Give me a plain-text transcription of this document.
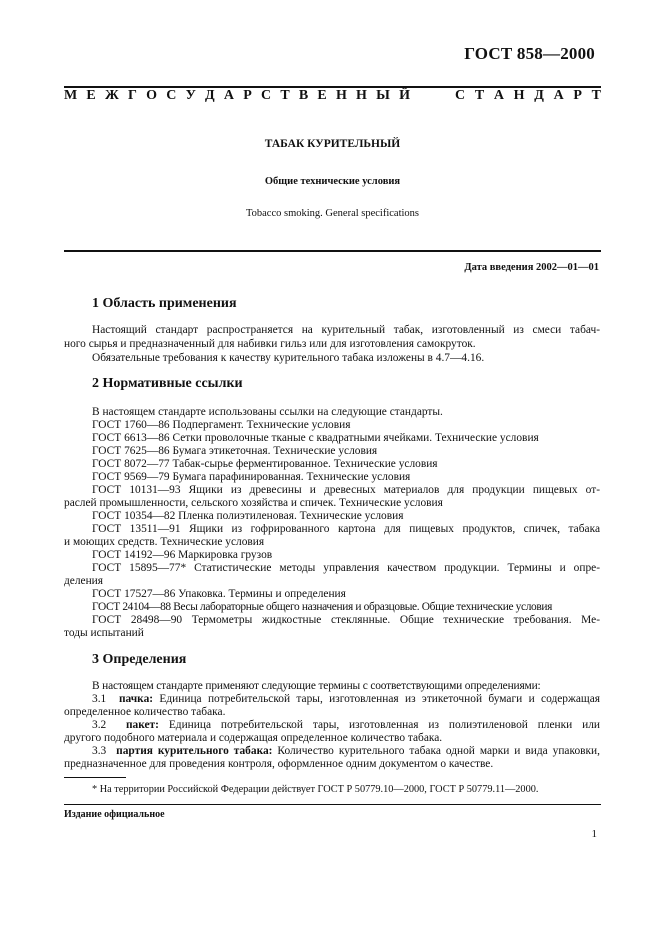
ГОСТ 858—2000
М Е Ж Г О С У Д А Р С Т В Е Н Н Ы Й	С Т А Н Д А Р Т
ТАБАК КУРИТЕЛЬНЫЙ
Общие технические условия
Tobacco smoking. General specifications
Дата введения 2002—01—01
1 Область применения
Настоящий стандарт распространяется на курительный табак, изготовленный из смеси табач-
ного сырья и предназначенный для набивки гильз или для изготовления самокруток.
Обязательные требования к качеству курительного табака изложены в 4.7—4.16.
2 Нормативные ссылки
В настоящем стандарте использованы ссылки на следующие стандарты.
ГОСТ 1760—86 Подпергамент. Технические условия
ГОСТ 6613—86 Сетки проволочные тканые с квадратными ячейками. Технические условия
ГОСТ 7625—86 Бумага этикеточная. Технические условия
ГОСТ 8072—77 Табак-сырье ферментированное. Технические условия
ГОСТ 9569—79 Бумага парафинированная. Технические условия
ГОСТ 10131—93 Ящики из древесины и древесных материалов для продукции пищевых от-
раслей промышленности, сельского хозяйства и спичек. Технические условия
ГОСТ 10354—82 Пленка полиэтиленовая. Технические условия
ГОСТ 13511—91 Ящики из гофрированного картона для пищевых продуктов, спичек, табака
и моющих средств. Технические условия
ГОСТ 14192—96 Маркировка грузов
ГОСТ 15895—77* Статистические методы управления качеством продукции. Термины и опре-
деления
ГОСТ 17527—86 Упаковка. Термины и определения
ГОСТ 24104—88 Весы лабораторные общего назначения и образцовые. Общие технические условия
ГОСТ 28498—90 Термометры жидкостные стеклянные. Общие технические требования. Ме-
тоды испытаний
3 Определения
В настоящем стандарте применяют следующие термины с соответствующими определениями:
3.1 пачка: Единица потребительской тары, изготовленная из этикеточной бумаги и содержащая
определенное количество табака.
3.2 пакет: Единица потребительской тары, изготовленная из полиэтиленовой пленки или
другого подобного материала и содержащая определенное количество табака.
3.3 партия курительного табака: Количество курительного табака одной марки и вида упаковки,
предназначенное для проведения контроля, оформленное одним документом о качестве.
* На территории Российской Федерации действует ГОСТ Р 50779.10—2000, ГОСТ Р 50779.11—2000.
Издание официальное
1
